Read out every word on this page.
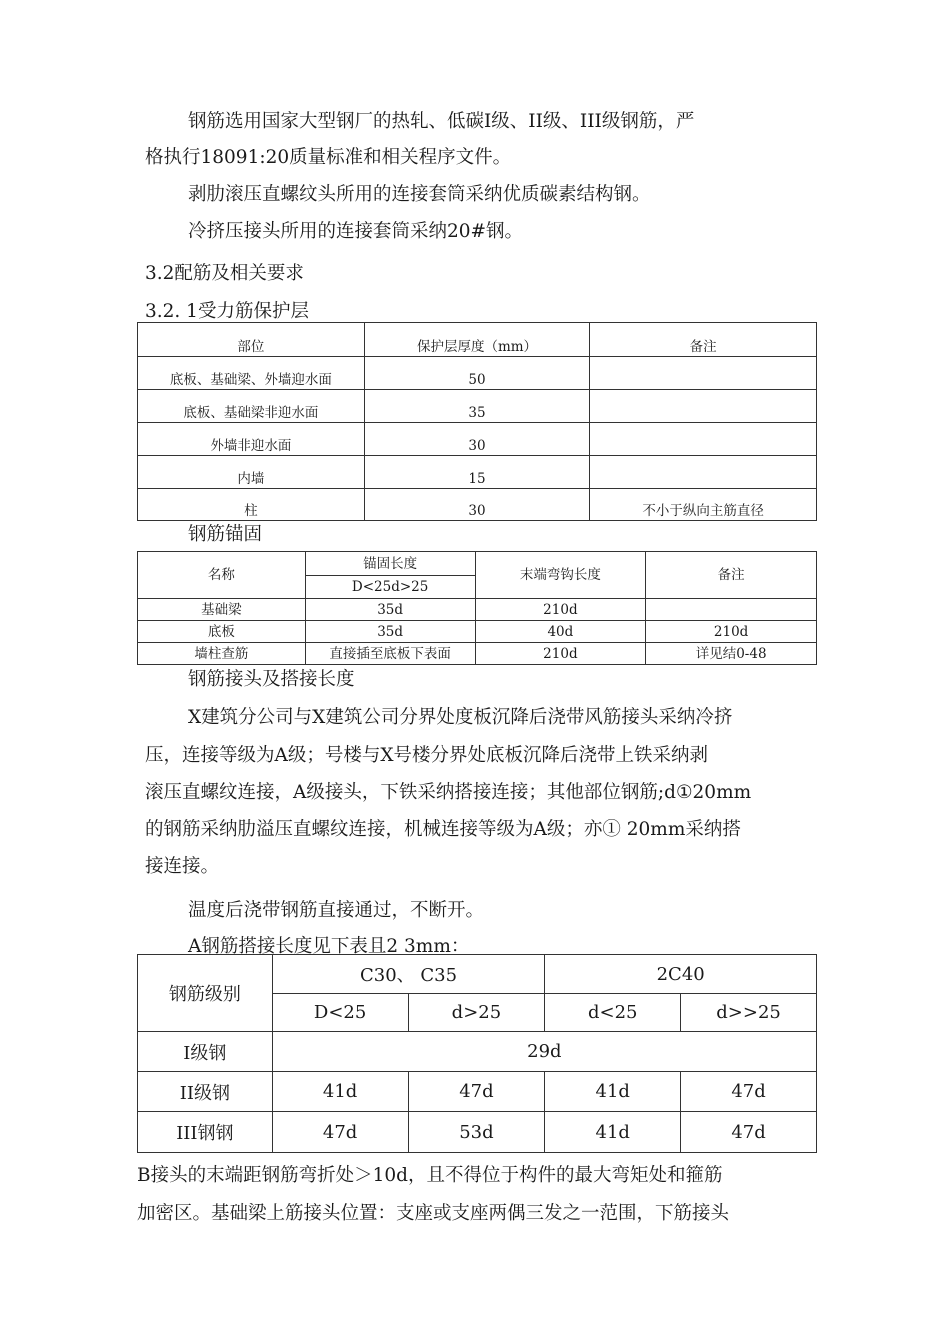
钢筋选用国家大型钢厂的热轧、低碳Ⅰ级、II级、III级钢筋，严
格执行18091:20质量标准和相关程序文件。
剥肋滚压直螺纹头所用的连接套筒采纳优质碳素结构钢。
冷挤压接头所用的连接套筒采纳20#钢。
3.2配筋及相关要求
3.2. 1受力筋保护层
部位	保护层厚度（mm）	备注
底板、基础梁、外墙迎水面	50	
底板、基础梁非迎水面	35	
外墙非迎水面	30	
内墙	15	
柱	30	不小于纵向主筋直径
钢筋锚固
名称	锚固长度	末端弯钩长度	备注
	D<25d>25		
基础梁	35d	210d	
底板	35d	40d	210d
墙柱查筋	直接插至底板下表面	210d	详见结0-48
钢筋接头及搭接长度
X建筑分公司与X建筑公司分界处度板沉降后浇带风筋接头采纳冷挤
压，连接等级为A级；号楼与X号楼分界处底板沉降后浇带上铁采纳剥
滚压直螺纹连接，A级接头，下铁采纳搭接连接；其他部位钢筋;d①20mm
的钢筋采纳肋溢压直螺纹连接，机械连接等级为A级；亦① 20mm采纳搭
接连接。
温度后浇带钢筋直接通过，不断开。
A钢筋搭接长度见下表且2 3mm：
钢筋级别	C30、 C35		2C40	
	D<25	d>25	d<25	d>>25
I级钢	29d			
II级钢	41d	47d	41d	47d
III钢钢	47d	53d	41d	47d
B接头的末端距钢筋弯折处＞10d，且不得位于构件的最大弯矩处和箍筋
加密区。基础梁上筋接头位置：支座或支座两偶三发之一范围，下筋接头
